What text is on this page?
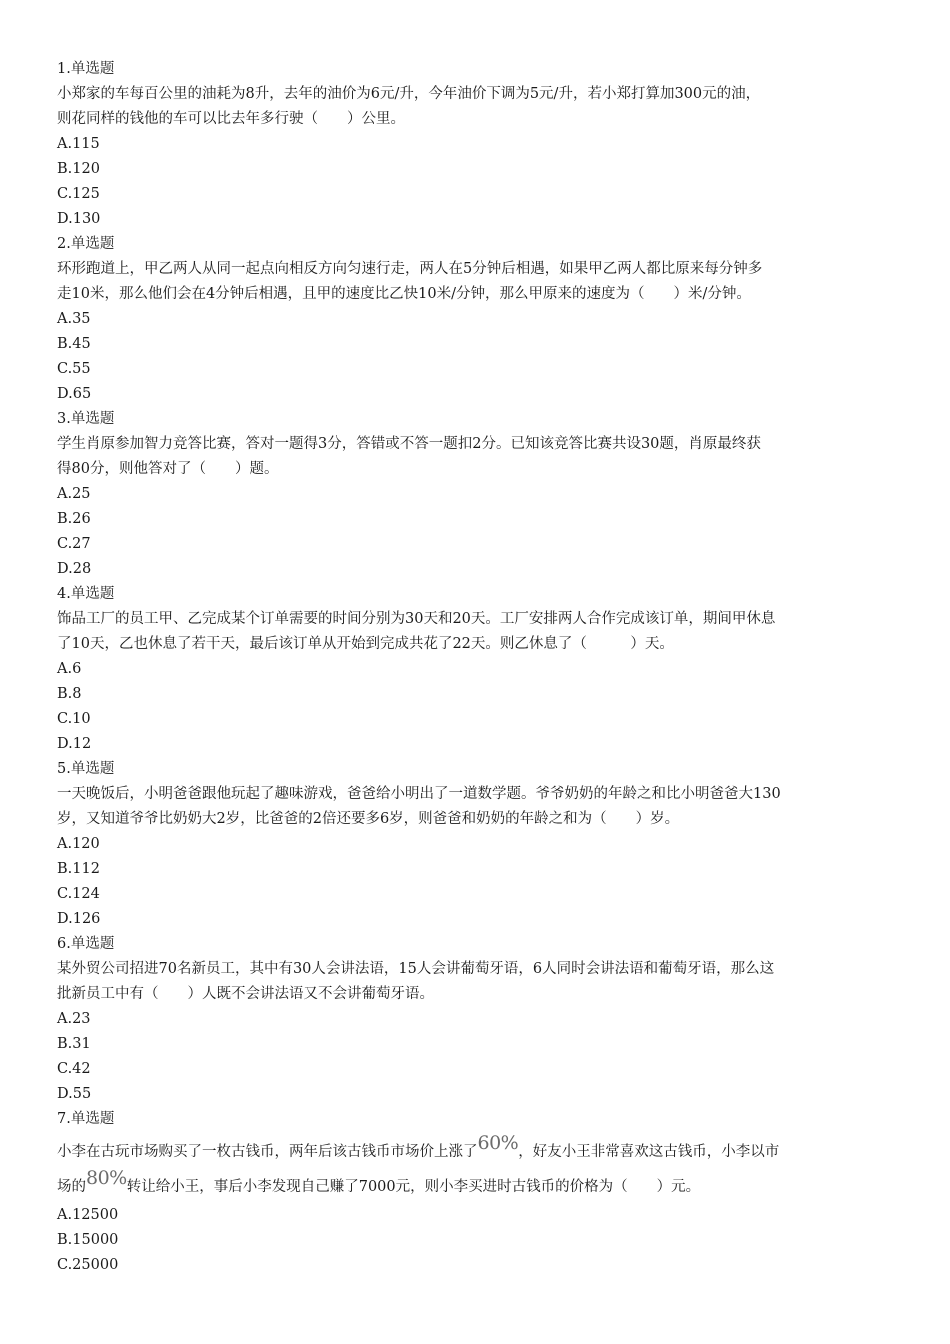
1.单选题
小郑家的车每百公里的油耗为8升，去年的油价为6元/升，今年油价下调为5元/升，若小郑打算加300元的油，
则花同样的钱他的车可以比去年多行驶（　　）公里。
A.115
B.120
C.125
D.130
2.单选题
环形跑道上，甲乙两人从同一起点向相反方向匀速行走，两人在5分钟后相遇，如果甲乙两人都比原来每分钟多
走10米，那么他们会在4分钟后相遇，且甲的速度比乙快10米/分钟，那么甲原来的速度为（　　）米/分钟。
A.35
B.45
C.55
D.65
3.单选题
学生肖原参加智力竞答比赛，答对一题得3分，答错或不答一题扣2分。已知该竞答比赛共设30题，肖原最终获
得80分，则他答对了（　　）题。
A.25
B.26
C.27
D.28
4.单选题
饰品工厂的员工甲、乙完成某个订单需要的时间分别为30天和20天。工厂安排两人合作完成该订单，期间甲休息
了10天，乙也休息了若干天，最后该订单从开始到完成共花了22天。则乙休息了（　　　）天。
A.6
B.8
C.10
D.12
5.单选题
一天晚饭后，小明爸爸跟他玩起了趣味游戏，爸爸给小明出了一道数学题。爷爷奶奶的年龄之和比小明爸爸大130
岁，又知道爷爷比奶奶大2岁，比爸爸的2倍还要多6岁，则爸爸和奶奶的年龄之和为（　　）岁。
A.120
B.112
C.124
D.126
6.单选题
某外贸公司招进70名新员工，其中有30人会讲法语，15人会讲葡萄牙语，6人同时会讲法语和葡萄牙语，那么这
批新员工中有（　　）人既不会讲法语又不会讲葡萄牙语。
A.23
B.31
C.42
D.55
7.单选题
小李在古玩市场购买了一枚古钱币，两年后该古钱币市场价上涨了60%，好友小王非常喜欢这古钱币，小李以市
场的80%转让给小王，事后小李发现自己赚了7000元，则小李买进时古钱币的价格为（　　）元。
A.12500
B.15000
C.25000
